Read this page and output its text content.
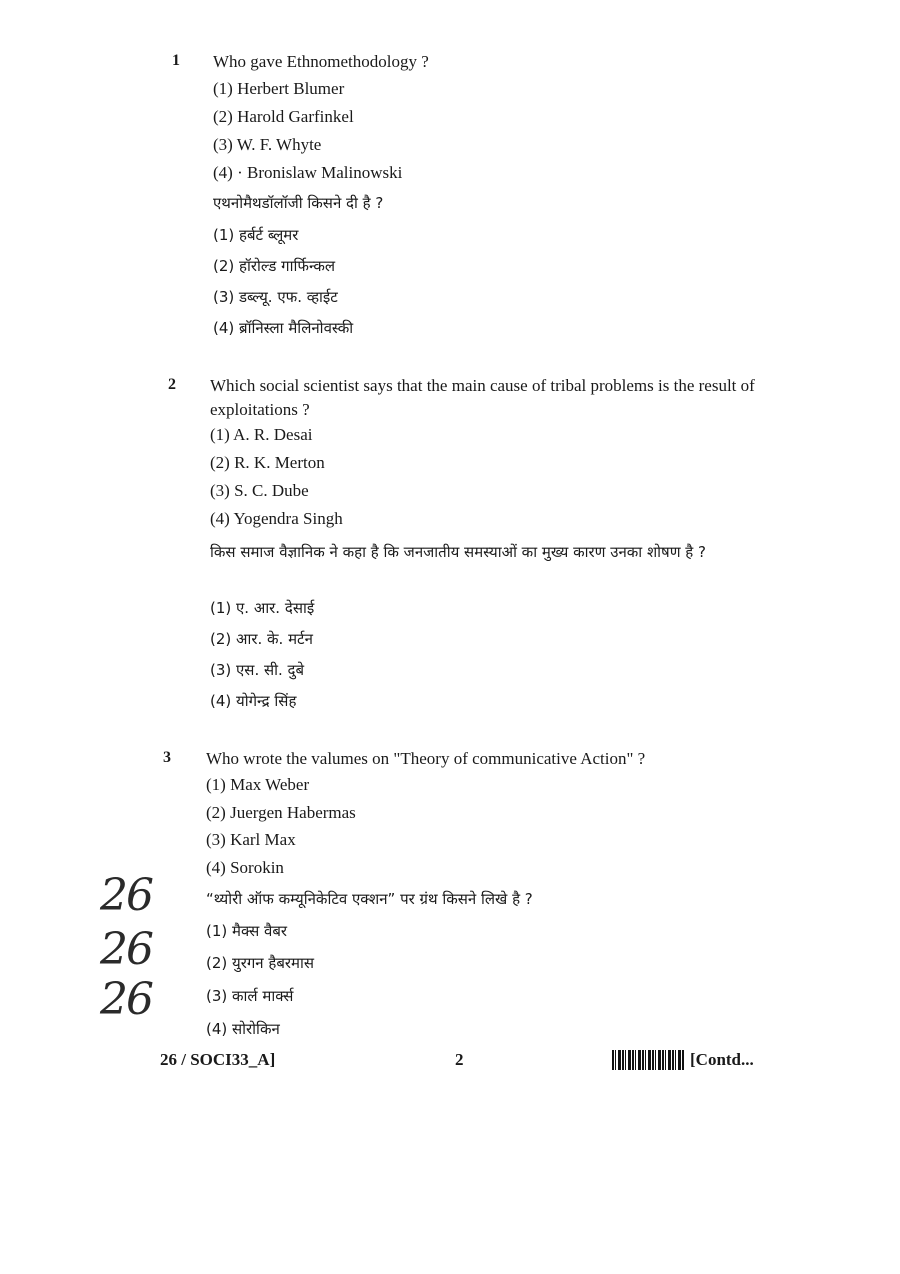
1 Who gave Ethnomethodology ?
(1) Herbert Blumer
(2) Harold Garfinkel
(3) W. F. Whyte
(4) · Bronislaw Malinowski
एथनोमैथडॉलॉजी किसने दी है ?
(1) हर्बर्ट ब्लूमर
(2) हॉरोल्ड गार्फिन्कल
(3) डब्ल्यू. एफ. व्हाईट
(4) ब्रॉनिस्ला मैलिनोवस्की
2 Which social scientist says that the main cause of tribal problems is the result of exploitations ?
(1) A. R. Desai
(2) R. K. Merton
(3) S. C. Dube
(4) Yogendra Singh
किस समाज वैज्ञानिक ने कहा है कि जनजातीय समस्याओं का मुख्य कारण उनका शोषण है ?
(1) ए. आर. देसाई
(2) आर. के. मर्टन
(3) एस. सी. दुबे
(4) योगेन्द्र सिंह
3 Who wrote the valumes on "Theory of communicative Action" ?
(1) Max Weber
(2) Juergen Habermas
(3) Karl Max
(4) Sorokin
“थ्योरी ऑफ कम्यूनिकेटिव एक्शन” पर ग्रंथ किसने लिखे है ?
(1) मैक्स वैबर
(2) युरगन हैबरमास
(3) कार्ल मार्क्स
(4) सोरोकिन
26
26
26
26 / SOCI33_A]	2	[Contd...
